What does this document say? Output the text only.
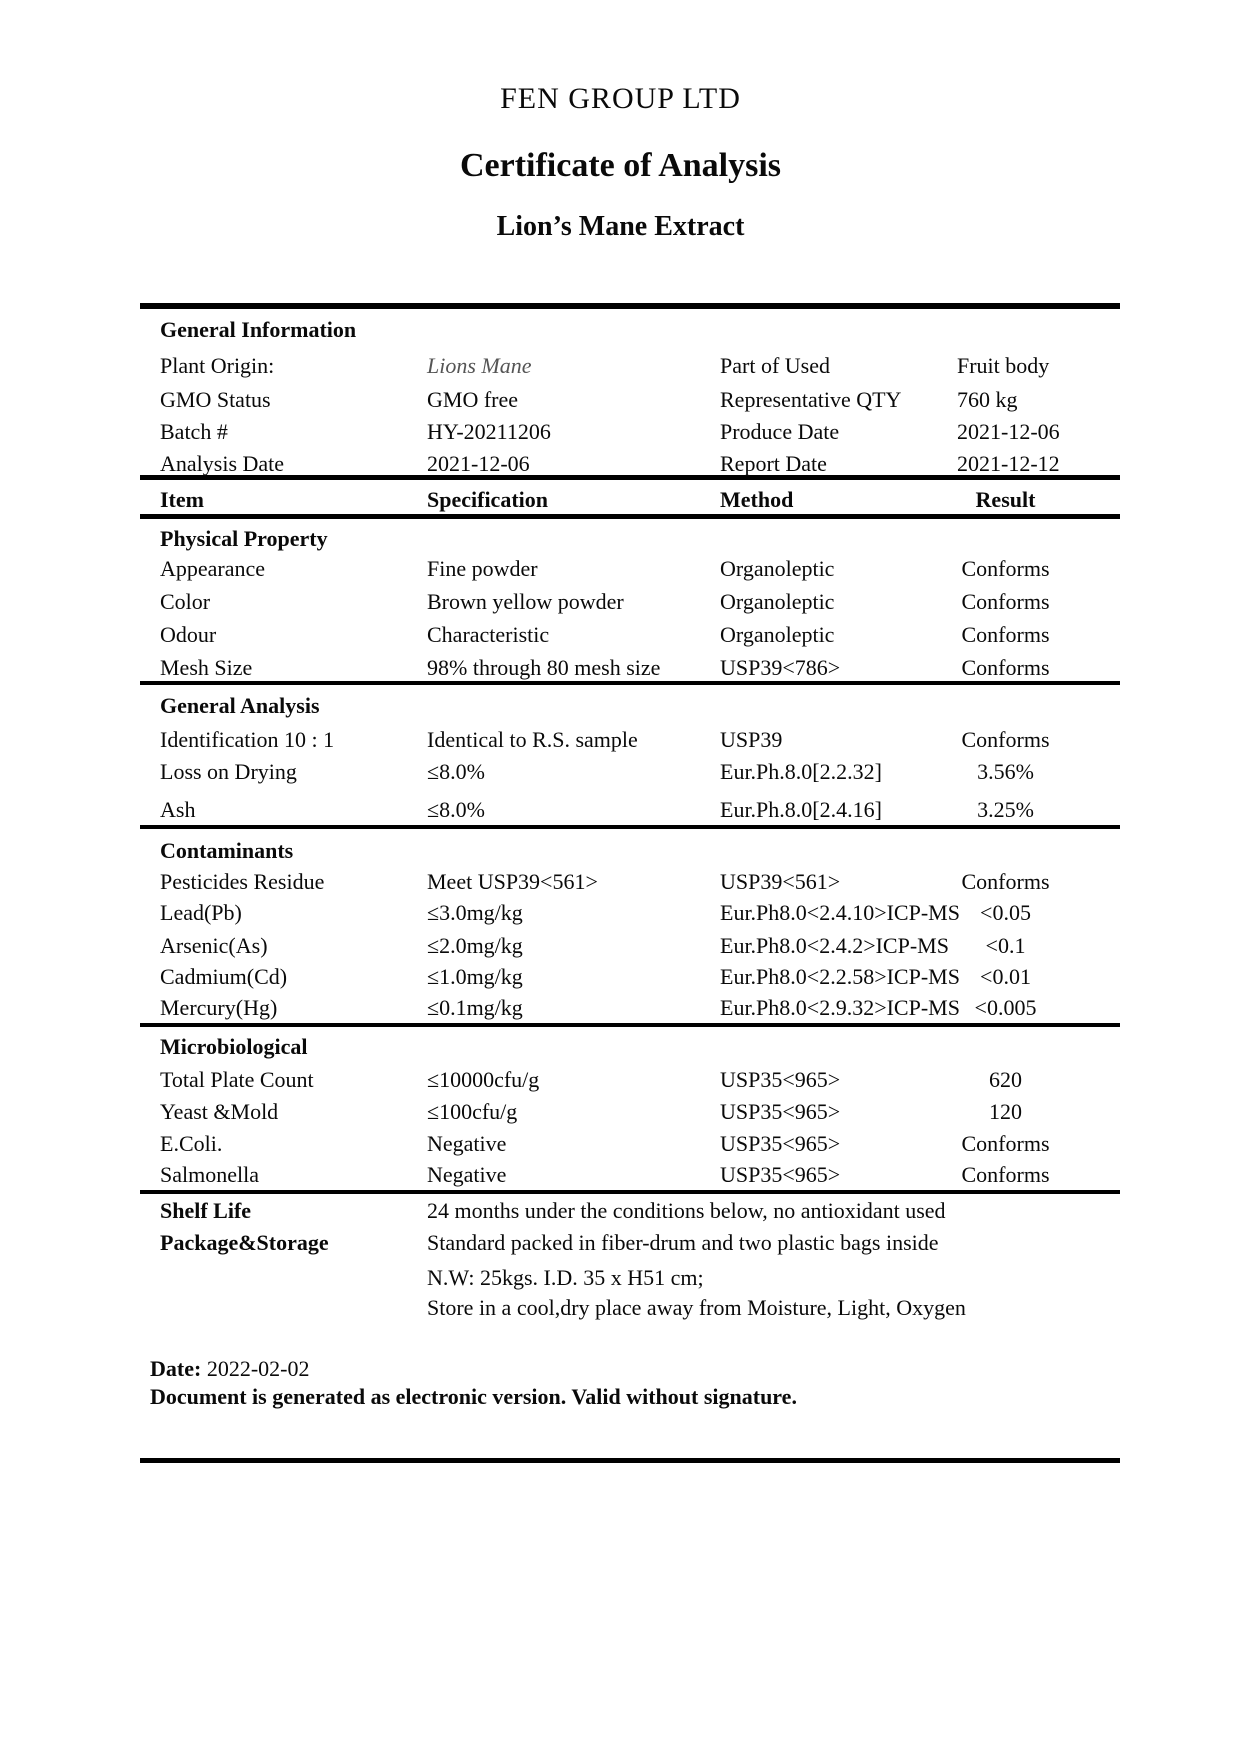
FEN GROUP LTD
Certificate of Analysis
Lion’s Mane Extract
General Information
Plant Origin:	Lions Mane	Part of Used	Fruit body
GMO Status	GMO free	Representative QTY	760 kg
Batch #	HY-20211206	Produce Date	2021-12-06
Analysis Date	2021-12-06	Report Date	2021-12-12
Item	Specification	Method	Result
Physical Property
Appearance	Fine powder	Organoleptic	Conforms
Color	Brown yellow powder	Organoleptic	Conforms
Odour	Characteristic	Organoleptic	Conforms
Mesh Size	98% through 80 mesh size	USP39<786>	Conforms
General Analysis
Identification 10 : 1	Identical to R.S. sample	USP39	Conforms
Loss on Drying	≤8.0%	Eur.Ph.8.0[2.2.32]	3.56%
Ash	≤8.0%	Eur.Ph.8.0[2.4.16]	3.25%
Contaminants
Pesticides Residue	Meet USP39<561>	USP39<561>	Conforms
Lead(Pb)	≤3.0mg/kg	Eur.Ph8.0<2.4.10>ICP-MS <0.05
Arsenic(As)	≤2.0mg/kg	Eur.Ph8.0<2.4.2>ICP-MS	<0.1
Cadmium(Cd)	≤1.0mg/kg	Eur.Ph8.0<2.2.58>ICP-MS <0.01
Mercury(Hg)	≤0.1mg/kg	Eur.Ph8.0<2.9.32>ICP-MS <0.005
Microbiological
Total Plate Count	≤10000cfu/g	USP35<965>	620
Yeast &Mold	≤100cfu/g	USP35<965>	120
E.Coli.	Negative	USP35<965>	Conforms
Salmonella	Negative	USP35<965>	Conforms
Shelf Life	24 months under the conditions below, no antioxidant used
Package&Storage	Standard packed in fiber-drum and two plastic bags inside
N.W: 25kgs. I.D. 35 x H51 cm;
Store in a cool,dry place away from Moisture, Light, Oxygen
Date: 2022-02-02
Document is generated as electronic version. Valid without signature.
